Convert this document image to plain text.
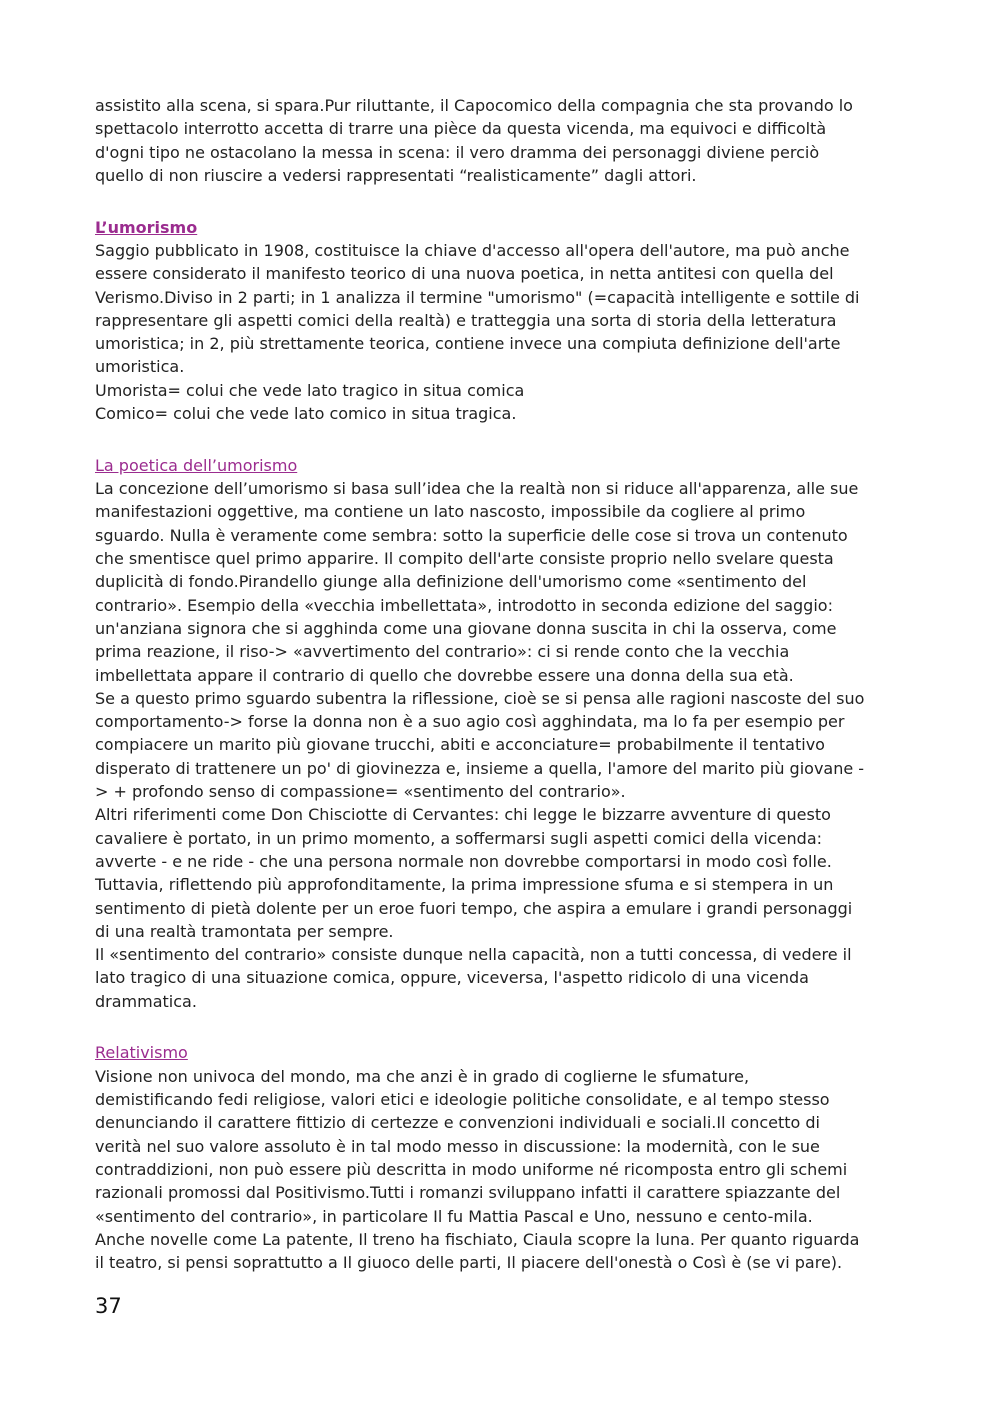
assistito alla scena, si spara.Pur riluttante, il Capocomico della compagnia che sta provando lo
spettacolo interrotto accetta di trarre una pièce da questa vicenda, ma equivoci e difficoltà
d'ogni tipo ne ostacolano la messa in scena: il vero dramma dei personaggi diviene perciò
quello di non riuscire a vedersi rappresentati “realisticamente” dagli attori.
L’umorismo
Saggio pubblicato in 1908, costituisce la chiave d'accesso all'opera dell'autore, ma può anche
essere considerato il manifesto teorico di una nuova poetica, in netta antitesi con quella del
Verismo.Diviso in 2 parti; in 1 analizza il termine "umorismo" (=capacità intelligente e sottile di
rappresentare gli aspetti comici della realtà) e tratteggia una sorta di storia della letteratura
umoristica; in 2, più strettamente teorica, contiene invece una compiuta definizione dell'arte
umoristica.
Umorista= colui che vede lato tragico in situa comica
Comico= colui che vede lato comico in situa tragica.
La poetica dell’umorismo
La concezione dell’umorismo si basa sull’idea che la realtà non si riduce all'apparenza, alle sue
manifestazioni oggettive, ma contiene un lato nascosto, impossibile da cogliere al primo
sguardo. Nulla è veramente come sembra: sotto la superficie delle cose si trova un contenuto
che smentisce quel primo apparire. Il compito dell'arte consiste proprio nello svelare questa
duplicità di fondo.Pirandello giunge alla definizione dell'umorismo come «sentimento del
contrario». Esempio della «vecchia imbellettata», introdotto in seconda edizione del saggio:
un'anziana signora che si agghinda come una giovane donna suscita in chi la osserva, come
prima reazione, il riso-> «avvertimento del contrario»: ci si rende conto che la vecchia
imbellettata appare il contrario di quello che dovrebbe essere una donna della sua età.
Se a questo primo sguardo subentra la riflessione, cioè se si pensa alle ragioni nascoste del suo
comportamento-> forse la donna non è a suo agio così agghindata, ma lo fa per esempio per
compiacere un marito più giovane trucchi, abiti e acconciature= probabilmente il tentativo
disperato di trattenere un po' di giovinezza e, insieme a quella, l'amore del marito più giovane -
> + profondo senso di compassione= «sentimento del contrario».
Altri riferimenti come Don Chisciotte di Cervantes: chi legge le bizzarre avventure di questo
cavaliere è portato, in un primo momento, a soffermarsi sugli aspetti comici della vicenda:
avverte - e ne ride - che una persona normale non dovrebbe comportarsi in modo così folle.
Tuttavia, riflettendo più approfonditamente, la prima impressione sfuma e si stempera in un
sentimento di pietà dolente per un eroe fuori tempo, che aspira a emulare i grandi personaggi
di una realtà tramontata per sempre.
Il «sentimento del contrario» consiste dunque nella capacità, non a tutti concessa, di vedere il
lato tragico di una situazione comica, oppure, viceversa, l'aspetto ridicolo di una vicenda
drammatica.
Relativismo
Visione non univoca del mondo, ma che anzi è in grado di coglierne le sfumature,
demistificando fedi religiose, valori etici e ideologie politiche consolidate, e al tempo stesso
denunciando il carattere fittizio di certezze e convenzioni individuali e sociali.Il concetto di
verità nel suo valore assoluto è in tal modo messo in discussione: la modernità, con le sue
contraddizioni, non può essere più descritta in modo uniforme né ricomposta entro gli schemi
razionali promossi dal Positivismo.Tutti i romanzi sviluppano infatti il carattere spiazzante del
«sentimento del contrario», in particolare Il fu Mattia Pascal e Uno, nessuno e cento-mila.
Anche novelle come La patente, Il treno ha fischiato, Ciaula scopre la luna. Per quanto riguarda
il teatro, si pensi soprattutto a Il giuoco delle parti, Il piacere dell'onestà o Così è (se vi pare).
37
